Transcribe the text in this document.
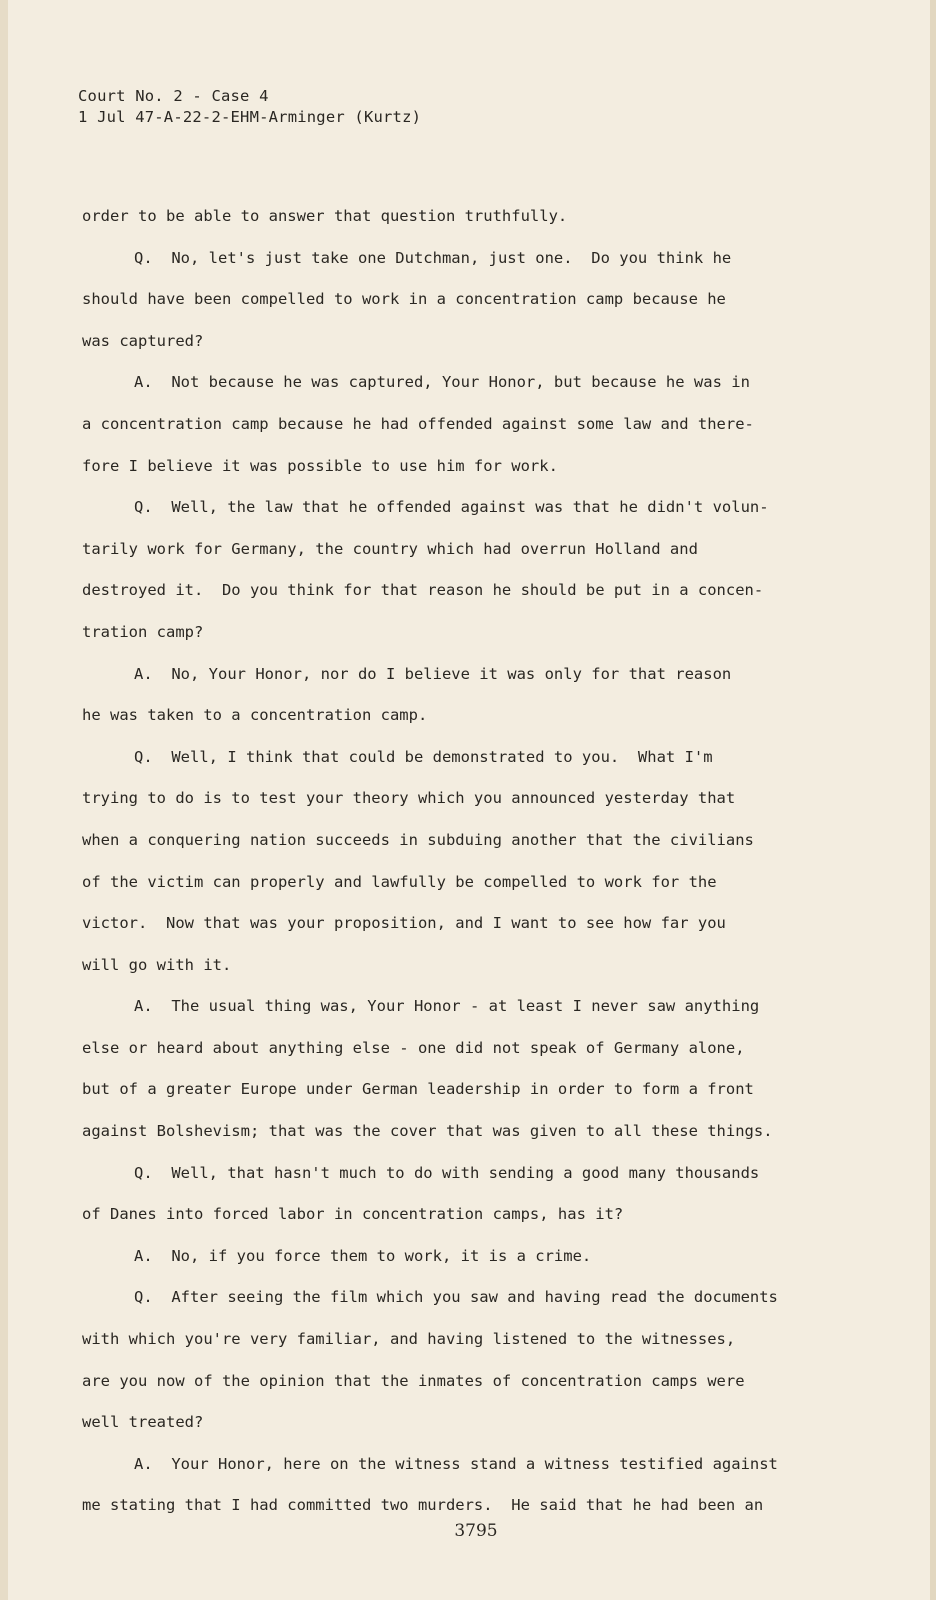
Court No. 2 - Case 4
1 Jul 47-A-22-2-EHM-Arminger (Kurtz)
order to be able to answer that question truthfully.
Q.  No, let's just take one Dutchman, just one.  Do you think he
should have been compelled to work in a concentration camp because he
was captured?
A.  Not because he was captured, Your Honor, but because he was in
a concentration camp because he had offended against some law and there-
fore I believe it was possible to use him for work.
Q.  Well, the law that he offended against was that he didn't volun-
tarily work for Germany, the country which had overrun Holland and
destroyed it.  Do you think for that reason he should be put in a concen-
tration camp?
A.  No, Your Honor, nor do I believe it was only for that reason
he was taken to a concentration camp.
Q.  Well, I think that could be demonstrated to you.  What I'm
trying to do is to test your theory which you announced yesterday that
when a conquering nation succeeds in subduing another that the civilians
of the victim can properly and lawfully be compelled to work for the
victor.  Now that was your proposition, and I want to see how far you
will go with it.
A.  The usual thing was, Your Honor - at least I never saw anything
else or heard about anything else - one did not speak of Germany alone,
but of a greater Europe under German leadership in order to form a front
against Bolshevism; that was the cover that was given to all these things.
Q.  Well, that hasn't much to do with sending a good many thousands
of Danes into forced labor in concentration camps, has it?
A.  No, if you force them to work, it is a crime.
Q.  After seeing the film which you saw and having read the documents
with which you're very familiar, and having listened to the witnesses,
are you now of the opinion that the inmates of concentration camps were
well treated?
A.  Your Honor, here on the witness stand a witness testified against
me stating that I had committed two murders.  He said that he had been an
3795
